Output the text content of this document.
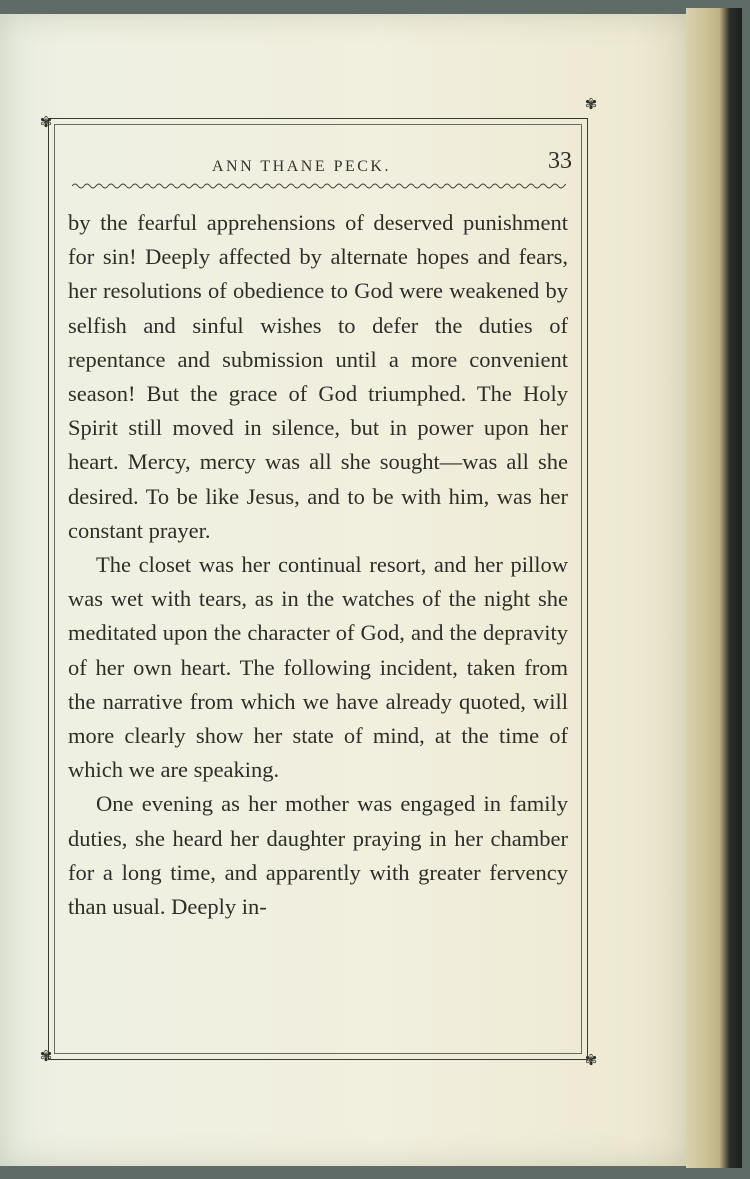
✾
✾
✾	✾
ANN THANE PECK.	33

by the fearful apprehensions of deserved punishment for sin! Deeply affected by alternate hopes and fears, her resolutions of obedience to God were weakened by selfish and sinful wishes to defer the duties of repentance and submission until a more convenient season! But the grace of God triumphed. The Holy Spirit still moved in silence, but in power upon her heart. Mercy, mercy was all she sought—was all she desired. To be like Jesus, and to be with him, was her constant prayer.

The closet was her continual resort, and her pillow was wet with tears, as in the watches of the night she meditated upon the character of God, and the depravity of her own heart. The following incident, taken from the narrative from which we have already quoted, will more clearly show her state of mind, at the time of which we are speaking.

One evening as her mother was engaged in family duties, she heard her daughter praying in her chamber for a long time, and apparently with greater fervency than usual. Deeply in-
